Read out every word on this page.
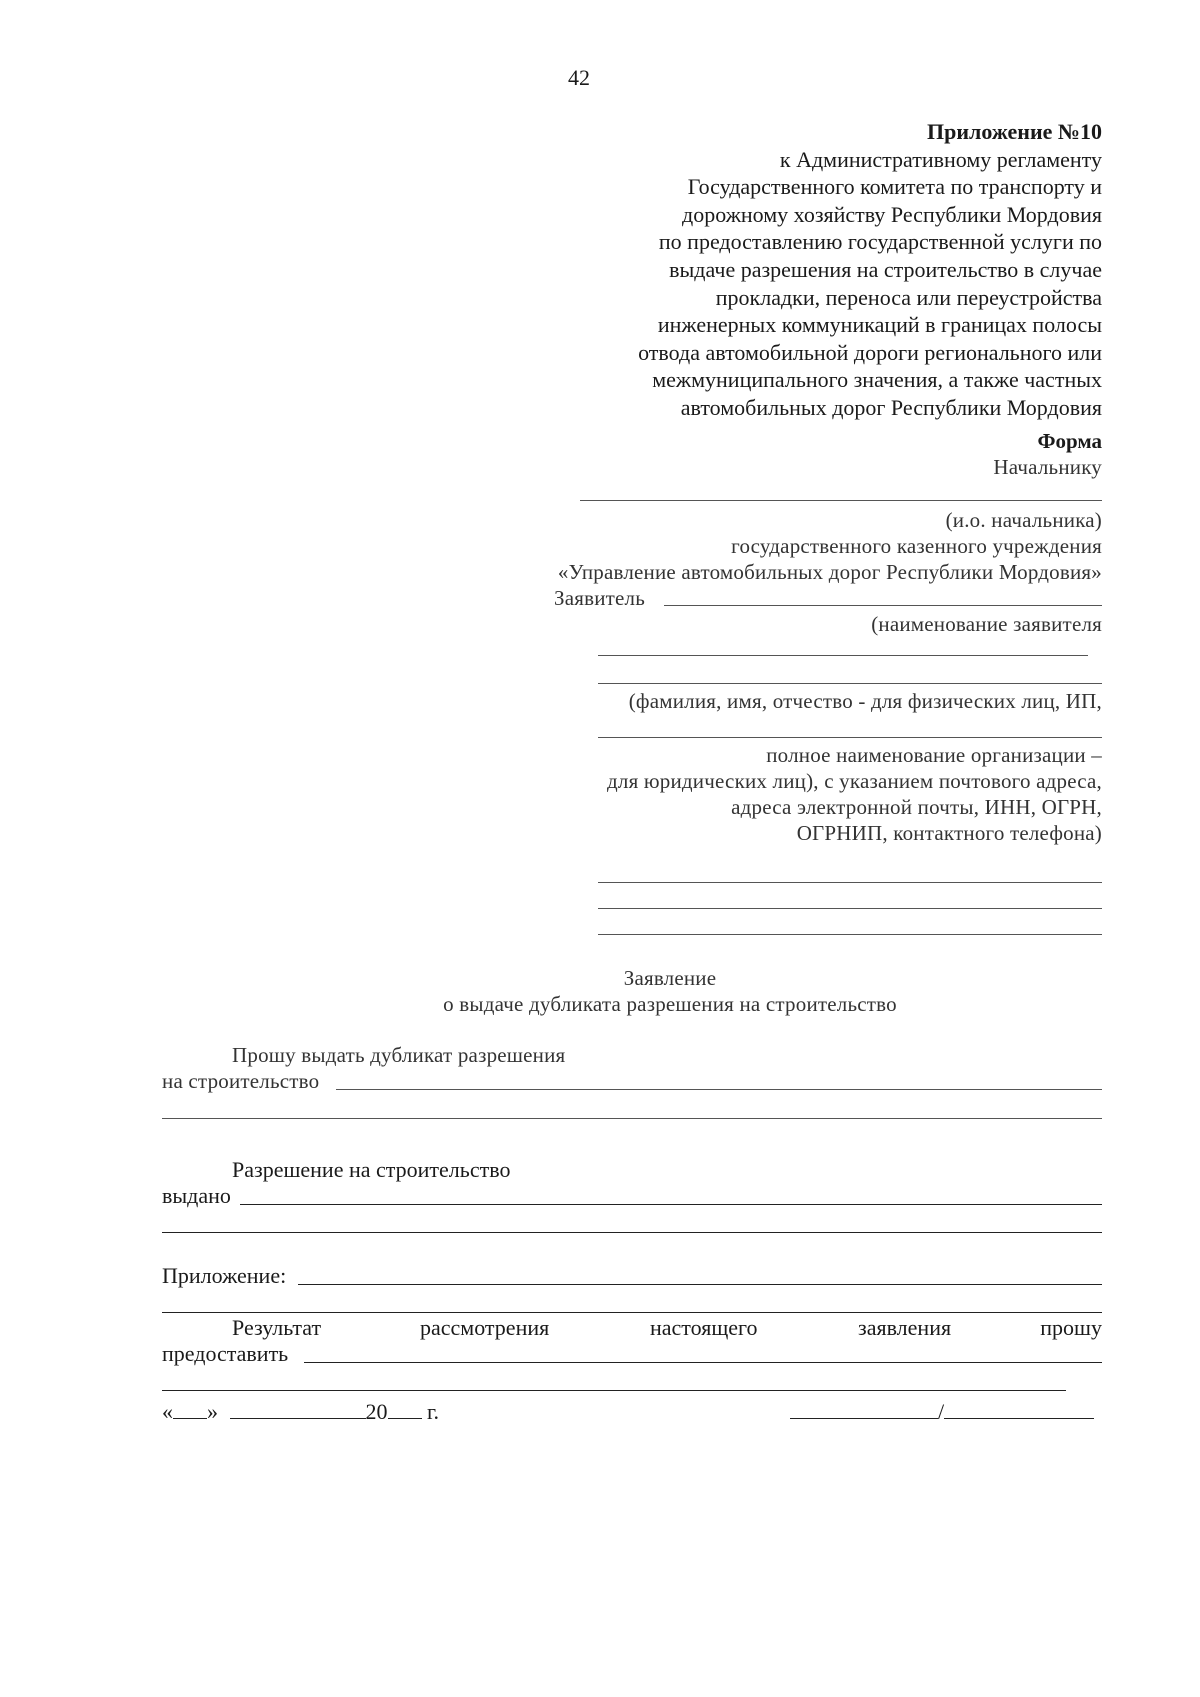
42
Приложение №10
к Административному регламенту
Государственного комитета по транспорту и
дорожному хозяйству Республики Мордовия
по предоставлению государственной услуги по
выдаче разрешения на строительство в случае
прокладки, переноса или переустройства
инженерных коммуникаций в границах полосы
отвода автомобильной дороги регионального или
межмуниципального значения, а также частных
автомобильных дорог Республики Мордовия
Форма
Начальнику
(и.о. начальника)
государственного казенного учреждения
«Управление автомобильных дорог Республики Мордовия»
Заявитель
(наименование заявителя
(фамилия, имя, отчество - для физических лиц, ИП,
полное наименование организации –
для юридических лиц), с указанием почтового адреса,
адреса электронной почты, ИНН, ОГРН,
ОГРНИП, контактного телефона)
Заявление
о выдаче дубликата разрешения на строительство
Прошу выдать дубликат разрешения
на строительство
Разрешение на строительство
выдано
Приложение:
Результат	рассмотрения	настоящего	заявления	прошу
предоставить
« »	20 г.	/
